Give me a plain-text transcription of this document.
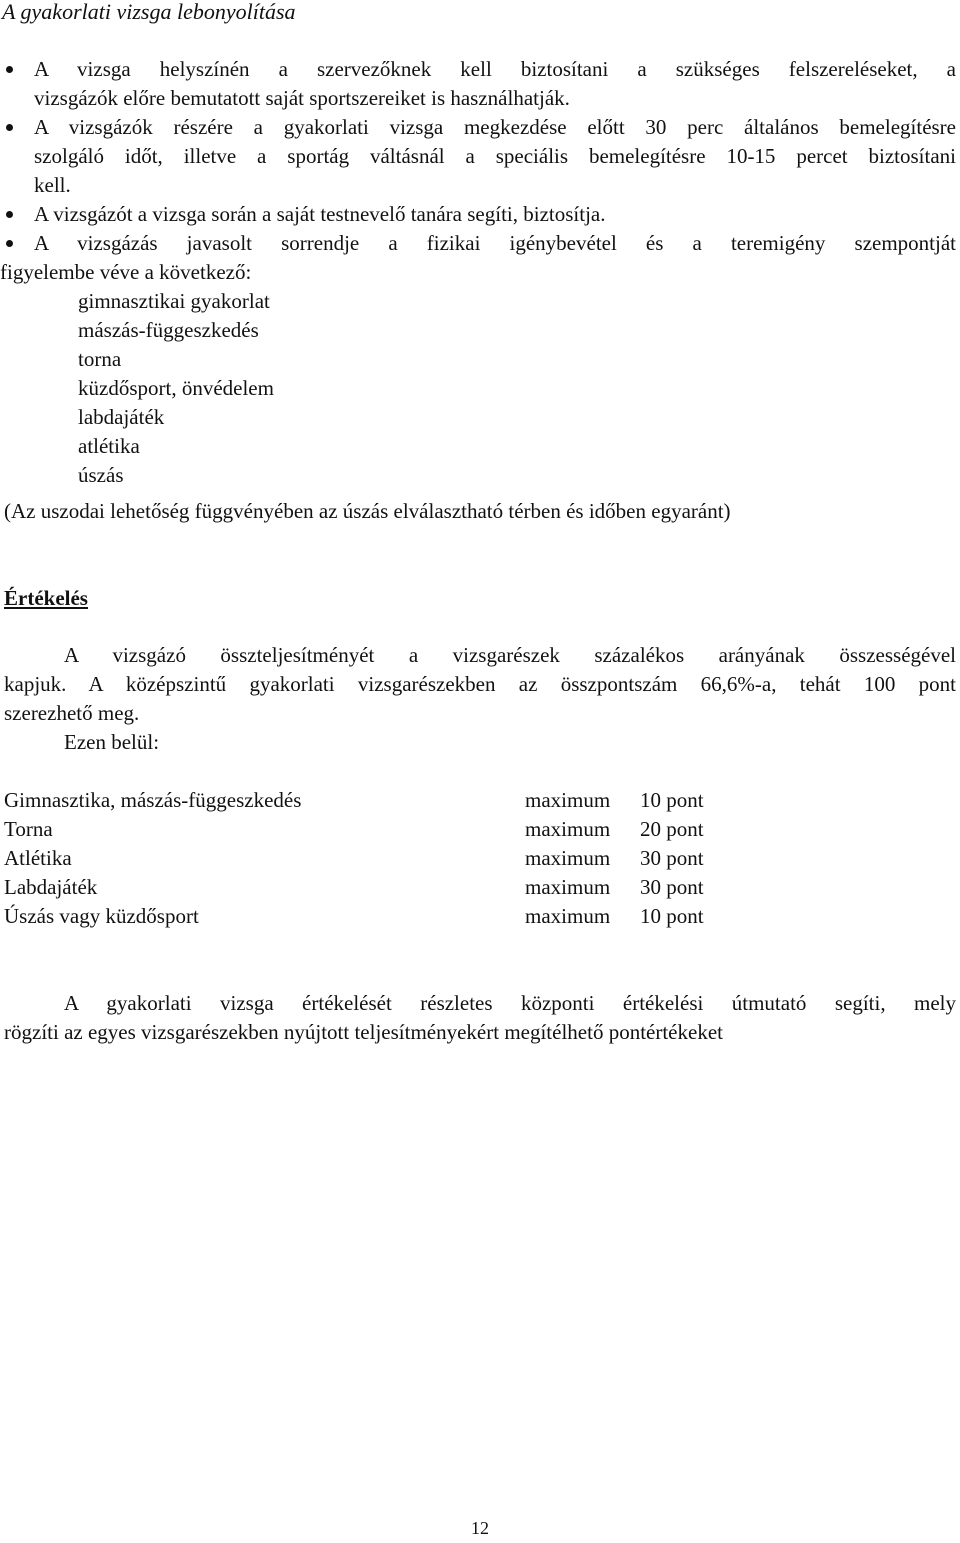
A gyakorlati vizsga lebonyolítása
A vizsga helyszínén a szervezőknek kell biztosítani a szükséges felszereléseket, a
vizsgázók előre bemutatott saját sportszereiket is használhatják.
A vizsgázók részére a gyakorlati vizsga megkezdése előtt 30 perc általános bemelegítésre
szolgáló időt, illetve a sportág váltásnál a speciális bemelegítésre 10-15 percet biztosítani
kell.
A vizsgázót a vizsga során a saját testnevelő tanára segíti, biztosítja.
A vizsgázás javasolt sorrendje a fizikai igénybevétel és a teremigény szempontját
figyelembe véve a következő:
gimnasztikai gyakorlat
mászás-függeszkedés
torna
küzdősport, önvédelem
labdajáték
atlétika
úszás
(Az uszodai lehetőség függvényében az úszás elválasztható térben és időben egyaránt)
Értékelés
A vizsgázó összteljesítményét a vizsgarészek százalékos arányának összességével
kapjuk. A középszintű gyakorlati vizsgarészekben az összpontszám 66,6%-a, tehát 100 pont
szerezhető meg.
Ezen belül:
Gimnasztika, mászás-függeszkedés	maximum 10 pont
Torna	maximum 20 pont
Atlétika	maximum 30 pont
Labdajáték	maximum 30 pont
Úszás vagy küzdősport	maximum 10 pont
A gyakorlati vizsga értékelését részletes központi értékelési útmutató segíti, mely
rögzíti az egyes vizsgarészekben nyújtott teljesítményekért megítélhető pontértékeket
12
